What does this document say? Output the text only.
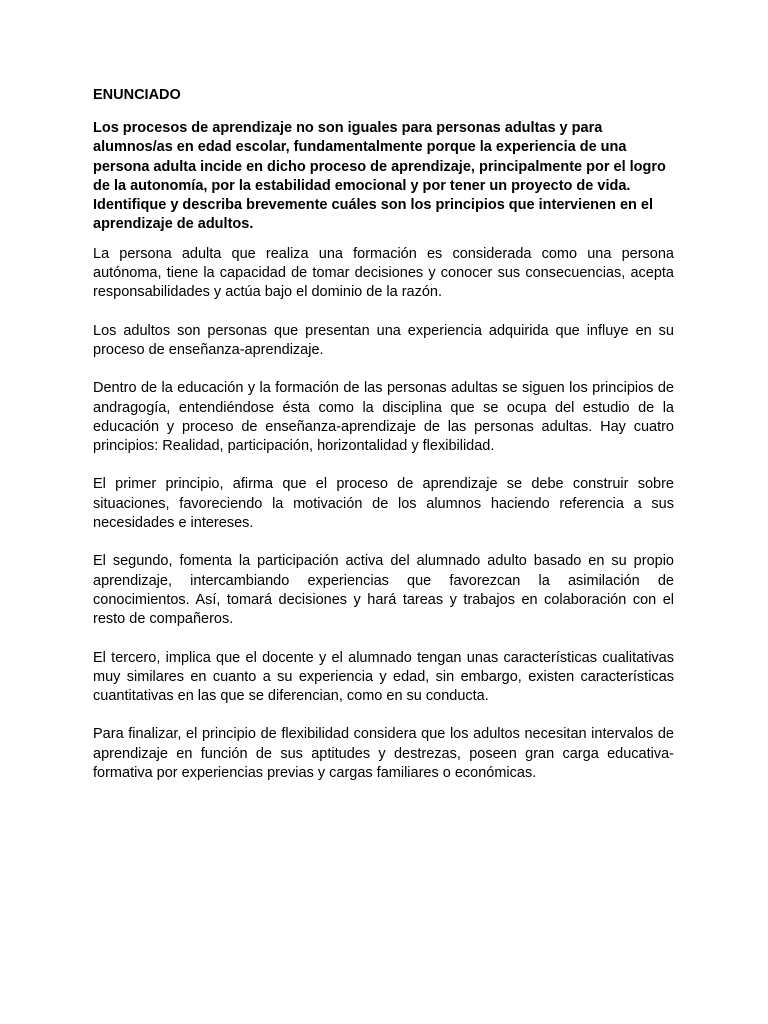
ENUNCIADO
Los procesos de aprendizaje no son iguales para personas adultas y para alumnos/as en edad escolar, fundamentalmente porque la experiencia de una persona adulta incide en dicho proceso de aprendizaje, principalmente por el logro de la autonomía, por la estabilidad emocional y por tener un proyecto de vida. Identifique y describa brevemente cuáles son los principios que intervienen en el aprendizaje de adultos.
La persona adulta que realiza una formación es considerada como una persona autónoma, tiene la capacidad de tomar decisiones y conocer sus consecuencias, acepta responsabilidades y actúa bajo el dominio de la razón.
Los adultos son personas que presentan una experiencia adquirida que influye en su proceso de enseñanza-aprendizaje.
Dentro de la educación y la formación de las personas adultas se siguen los principios de andragogía, entendiéndose ésta como la disciplina que se ocupa del estudio de la educación y proceso de enseñanza-aprendizaje de las personas adultas. Hay cuatro principios: Realidad, participación, horizontalidad y flexibilidad.
El primer principio, afirma que el proceso de aprendizaje se debe construir sobre situaciones, favoreciendo la motivación de los alumnos haciendo referencia a sus necesidades e intereses.
El segundo, fomenta la participación activa del alumnado adulto basado en su propio aprendizaje, intercambiando experiencias que favorezcan la asimilación de conocimientos. Así, tomará decisiones y hará tareas y trabajos en colaboración con el resto de compañeros.
El tercero, implica que el docente y el alumnado tengan unas características cualitativas muy similares en cuanto a su experiencia y edad, sin embargo, existen características cuantitativas en las que se diferencian, como en su conducta.
Para finalizar, el principio de flexibilidad considera que los adultos necesitan intervalos de aprendizaje en función de sus aptitudes y destrezas, poseen gran carga educativa-formativa por experiencias previas y cargas familiares o económicas.
